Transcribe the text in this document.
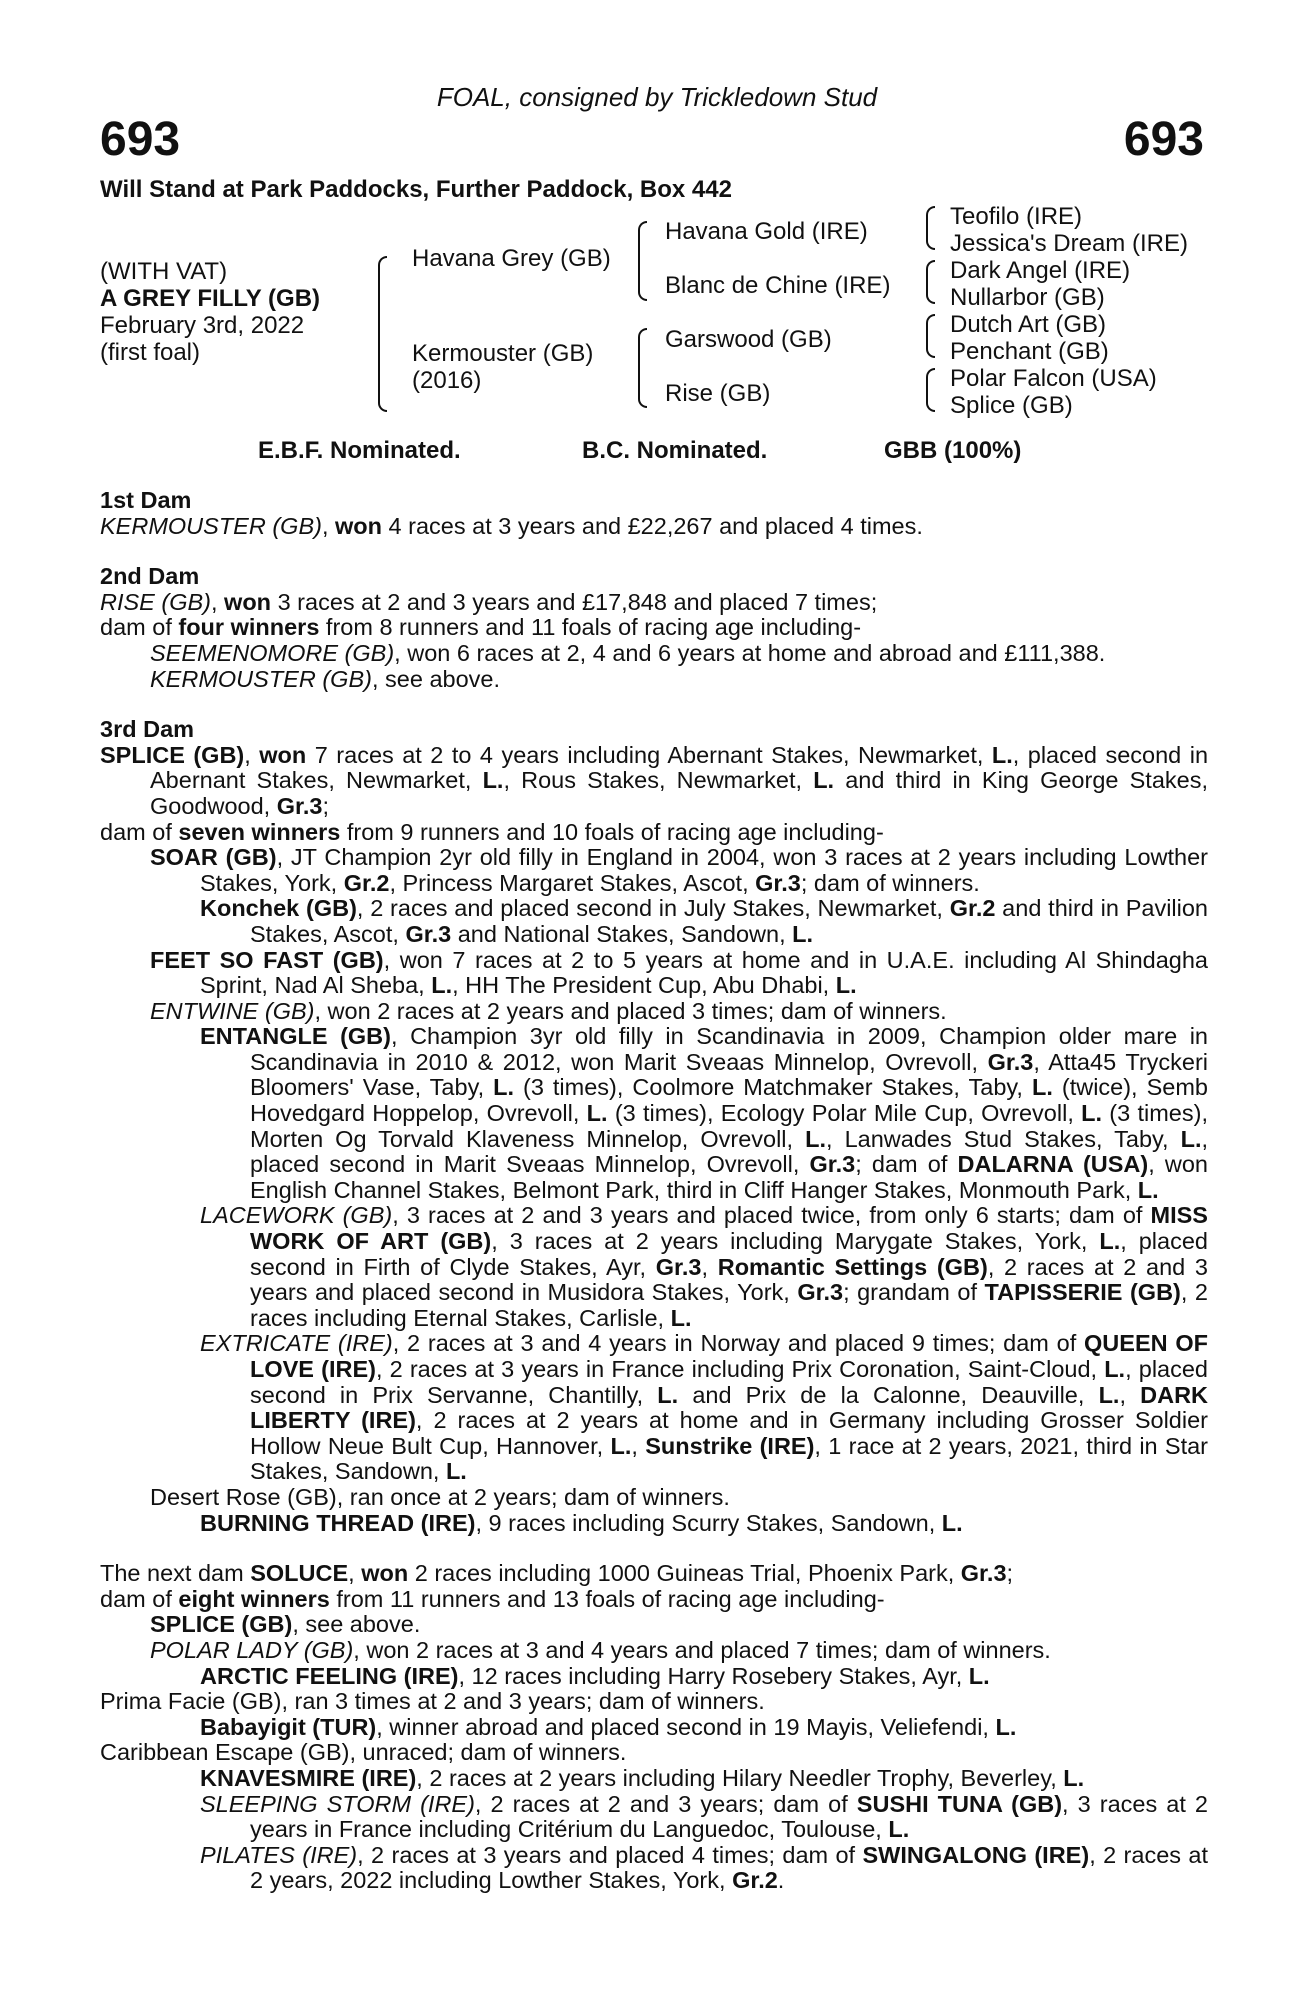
FOAL, consigned by Trickledown Stud
693	693
Will Stand at Park Paddocks, Further Paddock, Box 442
(WITH VAT)
A GREY FILLY (GB)
February 3rd, 2022
(first foal)
Havana Grey (GB)
Kermouster (GB)
(2016)
Havana Gold (IRE)
Blanc de Chine (IRE)
Garswood (GB)
Rise (GB)
Teofilo (IRE)
Jessica's Dream (IRE)
Dark Angel (IRE)
Nullarbor (GB)
Dutch Art (GB)
Penchant (GB)
Polar Falcon (USA)
Splice (GB)
E.B.F. Nominated.	B.C. Nominated.	GBB (100%)

1st Dam

KERMOUSTER (GB), won 4 races at 3 years and £22,267 and placed 4 times.

2nd Dam

RISE (GB), won 3 races at 2 and 3 years and £17,848 and placed 7 times;

dam of four winners from 8 runners and 11 foals of racing age including-

SEEMENOMORE (GB), won 6 races at 2, 4 and 6 years at home and abroad and £111,388.

KERMOUSTER (GB), see above.

3rd Dam

SPLICE (GB), won 7 races at 2 to 4 years including Abernant Stakes, Newmarket, L., placed second in Abernant Stakes, Newmarket, L., Rous Stakes, Newmarket, L. and third in King George Stakes, Goodwood, Gr.3;

dam of seven winners from 9 runners and 10 foals of racing age including-

SOAR (GB), JT Champion 2yr old filly in England in 2004, won 3 races at 2 years including Lowther Stakes, York, Gr.2, Princess Margaret Stakes, Ascot, Gr.3; dam of winners.

Konchek (GB), 2 races and placed second in July Stakes, Newmarket, Gr.2 and third in Pavilion Stakes, Ascot, Gr.3 and National Stakes, Sandown, L.

FEET SO FAST (GB), won 7 races at 2 to 5 years at home and in U.A.E. including Al Shindagha Sprint, Nad Al Sheba, L., HH The President Cup, Abu Dhabi, L.

ENTWINE (GB), won 2 races at 2 years and placed 3 times; dam of winners.

ENTANGLE (GB), Champion 3yr old filly in Scandinavia in 2009, Champion older mare in Scandinavia in 2010 & 2012, won Marit Sveaas Minnelop, Ovrevoll, Gr.3, Atta45 Tryckeri Bloomers' Vase, Taby, L. (3 times), Coolmore Matchmaker Stakes, Taby, L. (twice), Semb Hovedgard Hoppelop, Ovrevoll, L. (3 times), Ecology Polar Mile Cup, Ovrevoll, L. (3 times), Morten Og Torvald Klaveness Minnelop, Ovrevoll, L., Lanwades Stud Stakes, Taby, L., placed second in Marit Sveaas Minnelop, Ovrevoll, Gr.3; dam of DALARNA (USA), won English Channel Stakes, Belmont Park, third in Cliff Hanger Stakes, Monmouth Park, L.

LACEWORK (GB), 3 races at 2 and 3 years and placed twice, from only 6 starts; dam of MISS WORK OF ART (GB), 3 races at 2 years including Marygate Stakes, York, L., placed second in Firth of Clyde Stakes, Ayr, Gr.3, Romantic Settings (GB), 2 races at 2 and 3 years and placed second in Musidora Stakes, York, Gr.3; grandam of TAPISSERIE (GB), 2 races including Eternal Stakes, Carlisle, L.

EXTRICATE (IRE), 2 races at 3 and 4 years in Norway and placed 9 times; dam of QUEEN OF LOVE (IRE), 2 races at 3 years in France including Prix Coronation, Saint-Cloud, L., placed second in Prix Servanne, Chantilly, L. and Prix de la Calonne, Deauville, L., DARK LIBERTY (IRE), 2 races at 2 years at home and in Germany including Grosser Soldier Hollow Neue Bult Cup, Hannover, L., Sunstrike (IRE), 1 race at 2 years, 2021, third in Star Stakes, Sandown, L.

Desert Rose (GB), ran once at 2 years; dam of winners.

BURNING THREAD (IRE), 9 races including Scurry Stakes, Sandown, L.

The next dam SOLUCE, won 2 races including 1000 Guineas Trial, Phoenix Park, Gr.3;

dam of eight winners from 11 runners and 13 foals of racing age including-

SPLICE (GB), see above.

POLAR LADY (GB), won 2 races at 3 and 4 years and placed 7 times; dam of winners.

ARCTIC FEELING (IRE), 12 races including Harry Rosebery Stakes, Ayr, L.

Prima Facie (GB), ran 3 times at 2 and 3 years; dam of winners.

Babayigit (TUR), winner abroad and placed second in 19 Mayis, Veliefendi, L.

Caribbean Escape (GB), unraced; dam of winners.

KNAVESMIRE (IRE), 2 races at 2 years including Hilary Needler Trophy, Beverley, L.

SLEEPING STORM (IRE), 2 races at 2 and 3 years; dam of SUSHI TUNA (GB), 3 races at 2 years in France including Critérium du Languedoc, Toulouse, L.

PILATES (IRE), 2 races at 3 years and placed 4 times; dam of SWINGALONG (IRE), 2 races at 2 years, 2022 including Lowther Stakes, York, Gr.2.
